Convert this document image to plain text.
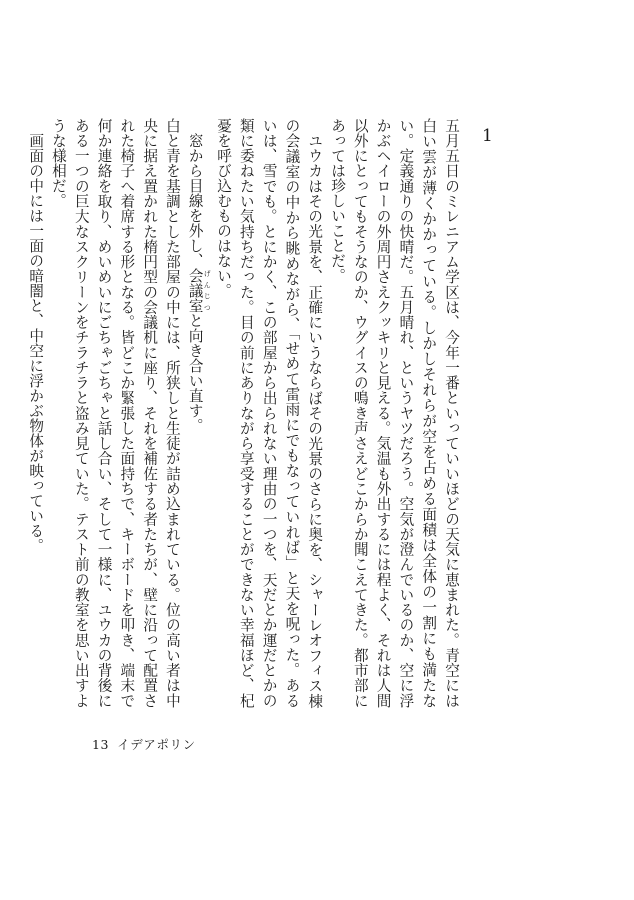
1

五月五日のミレニアム学区は、今年一番といっていいほどの天気に恵まれた。青空には白い雲が薄くかかっている。しかしそれらが空を占める面積は全体の一割にも満たない。定義通りの快晴だ。五月晴れ、というヤツだろう。空気が澄んでいるのか、空に浮かぶヘイローの外周円さえクッキリと見える。気温も外出するには程よく、それは人間以外にとってもそうなのか、ウグイスの鳴き声さえどこからか聞こえてきた。都市部にあっては珍しいことだ。

ユウカはその光景を、正確にいうならばその光景のさらに奥を、シャーレオフィス棟の会議室の中から眺めながら、「せめて雷雨にでもなっていれば」と天を呪った。あるいは、雪でも。とにかく、この部屋から出られない理由の一つを、天だとか運だとかの類に委ねたい気持ちだった。目の前にありながら享受することができない幸福ほど、杞憂を呼び込むものはない。

窓から目線を外し、会議室 げんじつと向き合い直す。

白と青を基調とした部屋の中には、所狭しと生徒が詰め込まれている。位の高い者は中央に据え置かれた楕円型の会議机に座り、それを補佐する者たちが、壁に沿って配置された椅子へ着席する形となる。皆どこか緊張した面持ちで、キーボードを叩き、端末で何か連絡を取り、めいめいにごちゃごちゃと話し合い、そして一様に、ユウカの背後にある一つの巨大なスクリーンをチラチラと盗み見ていた。テスト前の教室を思い出すような様相だ。

画面の中には一面の暗闇と、中空に浮かぶ物体が映っている。

13 イデアポリン
